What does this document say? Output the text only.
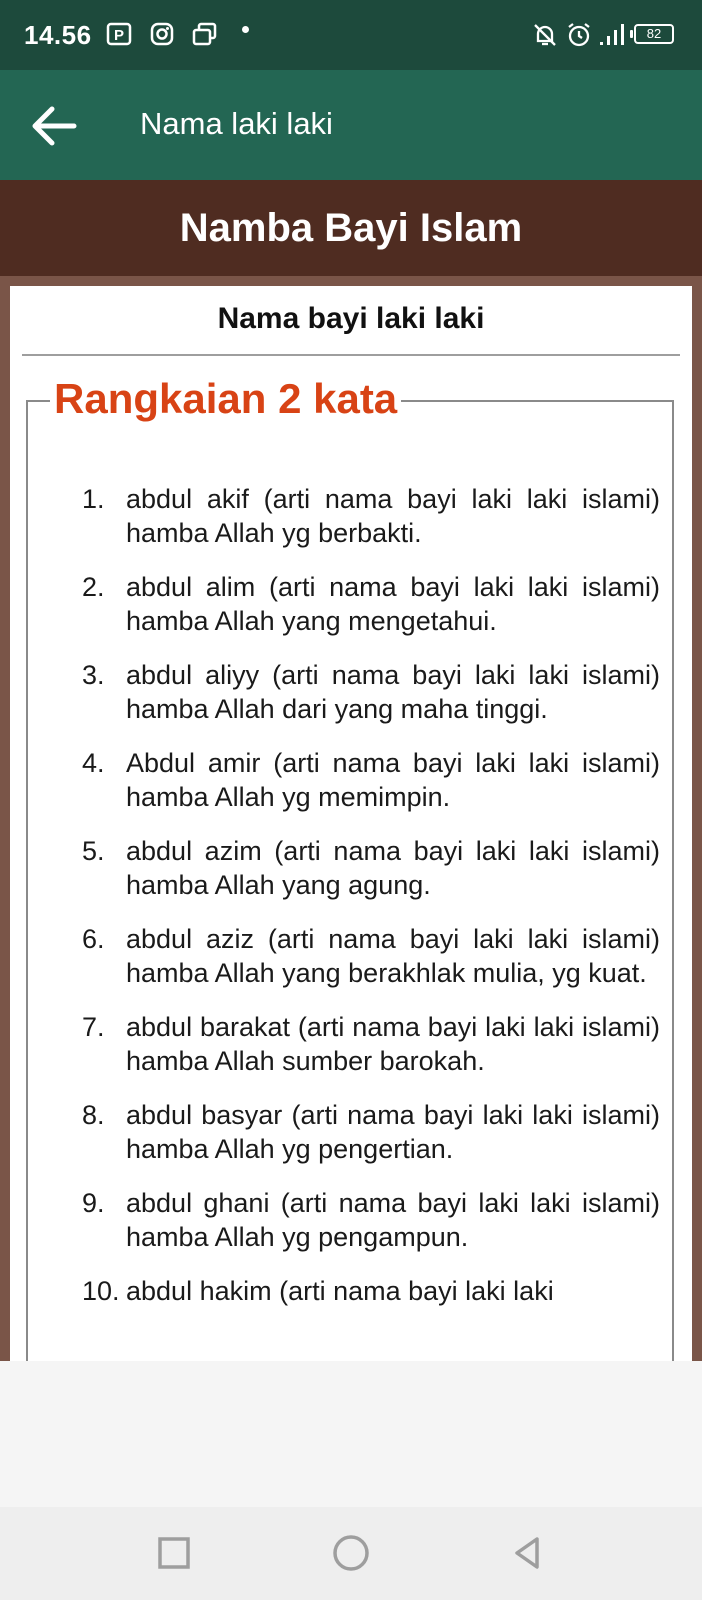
14.56 P	82
Nama laki laki
Namba Bayi Islam
Nama bayi laki laki
Rangkaian 2 kata
1. abdul akif (arti nama bayi laki laki islami) hamba Allah yg berbakti.
2. abdul alim (arti nama bayi laki laki islami) hamba Allah yang mengetahui.
3. abdul aliyy (arti nama bayi laki laki islami) hamba Allah dari yang maha tinggi.
4. Abdul amir (arti nama bayi laki laki islami) hamba Allah yg memimpin.
5. abdul azim (arti nama bayi laki laki islami) hamba Allah yang agung.
6. abdul aziz (arti nama bayi laki laki islami) hamba Allah yang berakhlak mulia, yg kuat.
7. abdul barakat (arti nama bayi laki laki islami) hamba Allah sumber barokah.
8. abdul basyar (arti nama bayi laki laki islami) hamba Allah yg pengertian.
9. abdul ghani (arti nama bayi laki laki islami) hamba Allah yg pengampun.
10. abdul hakim (arti nama bayi laki laki
